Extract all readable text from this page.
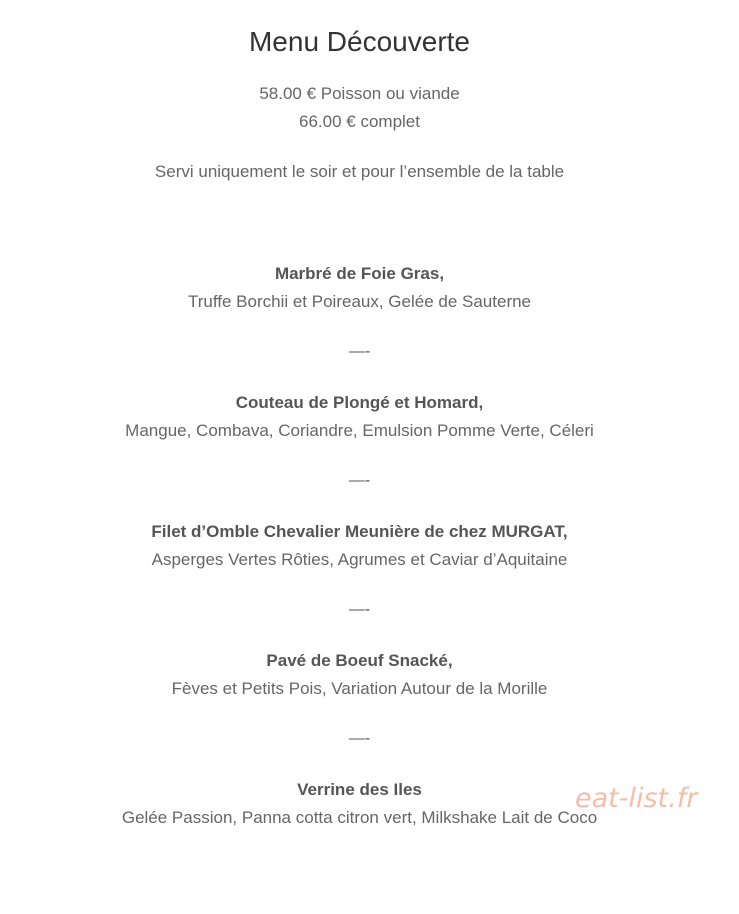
Menu Découverte

58.00 € Poisson ou viande

66.00 € complet

Servi uniquement le soir et pour l’ensemble de la table

Marbré de Foie Gras,

Truffe Borchii et Poireaux, Gelée de Sauterne

—-

Couteau de Plongé et Homard,

Mangue, Combava, Coriandre, Emulsion Pomme Verte, Céleri

—-

Filet d’Omble Chevalier Meunière de chez MURGAT,

Asperges Vertes Rôties, Agrumes et Caviar d’Aquitaine

—-

Pavé de Boeuf Snacké,

Fèves et Petits Pois, Variation Autour de la Morille

—-

Verrine des Iles

Gelée Passion, Panna cotta citron vert, Milkshake Lait de Coco

eat-list.fr
